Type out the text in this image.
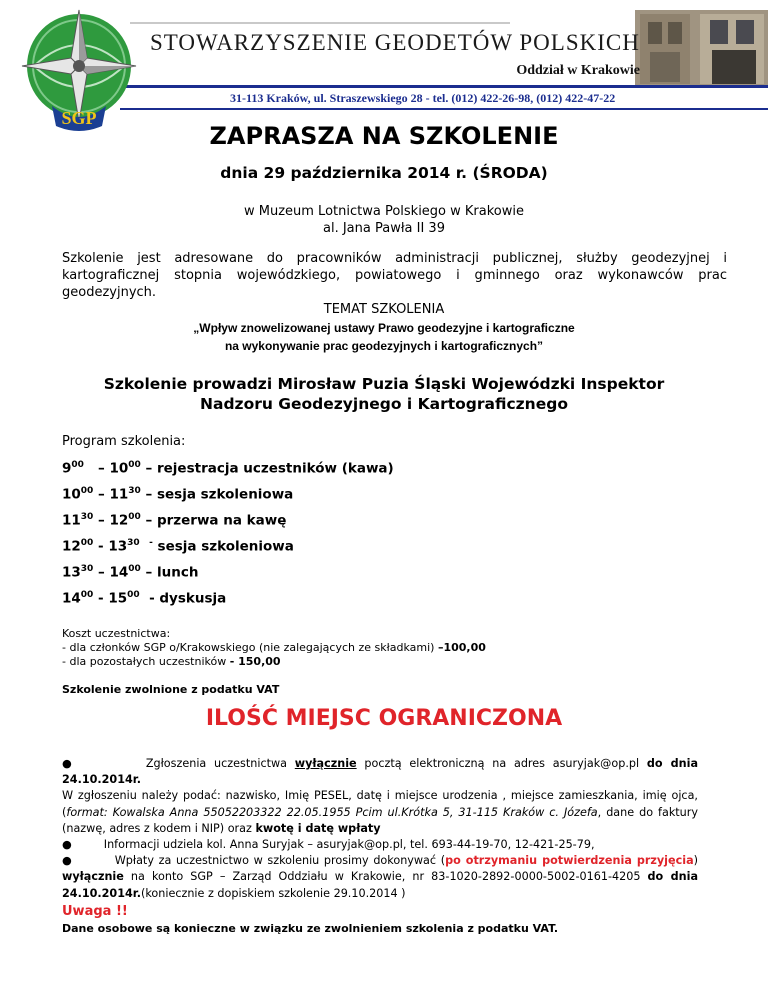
SGP
STOWARZYSZENIE GEODETÓW POLSKICH
Oddział w Krakowie
31-113 Kraków, ul. Straszewskiego 28 - tel. (012) 422-26-98, (012) 422-47-22
ZAPRASZA NA SZKOLENIE
dnia 29 października 2014 r. (ŚRODA)
w Muzeum Lotnictwa Polskiego w Krakowie
al. Jana Pawła II 39
Szkolenie jest adresowane do pracowników administracji publicznej, służby geodezyjnej i kartograficznej stopnia wojewódzkiego, powiatowego i gminnego oraz wykonawców prac geodezyjnych.
TEMAT SZKOLENIA
„Wpływ znowelizowanej ustawy Prawo geodezyjne i kartograficzne
na wykonywanie prac geodezyjnych i kartograficznych”
Szkolenie prowadzi Mirosław Puzia Śląski Wojewódzki Inspektor
Nadzoru Geodezyjnego i Kartograficznego
Program szkolenia:
$9^{00} - 10^{00}$ – rejestracja uczestników (kawa)
$10^{00} - 11^{30}$ – sesja szkoleniowa
$11^{30} - 12^{00}$ – przerwa na kawę
$12^{00} - 13^{30}$ - sesja szkoleniowa
$13^{30} - 14^{00}$ – lunch
$14^{00} - 15^{00}$ - dyskusja
Koszt uczestnictwa:
- dla członków SGP o/Krakowskiego (nie zalegających ze składkami) –100,00
- dla pozostałych uczestników - 150,00
Szkolenie zwolnione z podatku VAT
ILOŚĆ MIEJSC OGRANICZONA
●	Zgłoszenia uczestnictwa wyłącznie pocztą elektroniczną na adres asuryjak@op.pl do dnia 24.10.2014r.
W zgłoszeniu należy podać: nazwisko, Imię PESEL, datę i miejsce urodzenia , miejsce zamieszkania, imię ojca, (format: Kowalska Anna 55052203322 22.05.1955 Pcim ul.Krótka 5, 31-115 Kraków c. Józefa, dane do faktury (nazwę, adres z kodem i NIP) oraz kwotę i datę wpłaty
●	Informacji udziela kol. Anna Suryjak – asuryjak@op.pl, tel. 693-44-19-70, 12-421-25-79,
●	Wpłaty za uczestnictwo w szkoleniu prosimy dokonywać (po otrzymaniu potwierdzenia przyjęcia) wyłącznie na konto SGP – Zarząd Oddziału w Krakowie, nr 83-1020-2892-0000-5002-0161-4205 do dnia 24.10.2014r.(koniecznie z dopiskiem szkolenie 29.10.2014 )
Uwaga !!
Dane osobowe są konieczne w związku ze zwolnieniem szkolenia z podatku VAT.
